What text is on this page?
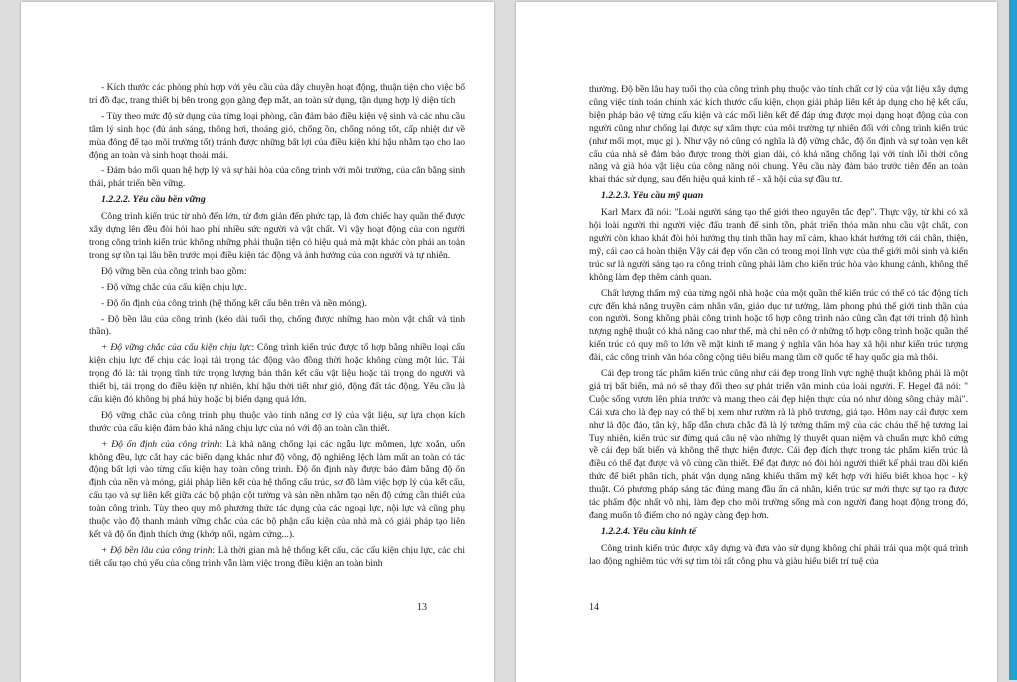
- Kích thước các phòng phù hợp với yêu cầu của dây chuyền hoạt động, thuận tiện cho việc bố trí đồ đạc, trang thiết bị bên trong gọn gàng đẹp mắt, an toàn sử dụng, tận dụng hợp lý diện tích

- Tùy theo mức độ sử dụng của từng loại phòng, cần đảm bảo điều kiện vệ sinh và các nhu cầu tâm lý sinh học (đủ ánh sáng, thông hơi, thoáng gió, chống ồn, chống nóng tốt, cấp nhiệt dư về mùa đông để tạo môi trường tốt) tránh được những bất lợi của điều kiện khí hậu nhằm tạo cho lao động an toàn và sinh hoạt thoải mái.

- Đảm bảo mối quan hệ hợp lý và sự hài hòa của công trình với môi trường, của cân bằng sinh thái, phát triển bền vững.

1.2.2.2. Yêu cầu bền vững

Công trình kiến trúc từ nhỏ đến lớn, từ đơn giản đến phức tạp, là đơn chiếc hay quần thể được xây dựng lên đều đòi hỏi hao phí nhiều sức người và vật chất. Vì vậy hoạt động của con người trong công trình kiến trúc không những phải thuận tiện có hiệu quả mà mặt khác còn phải an toàn trong sự tồn tại lâu bền trước mọi điều kiện tác động và ảnh hưởng của con người và tự nhiên.

Độ vững bền của công trình bao gồm:

- Độ vững chắc của cấu kiện chịu lực.

- Độ ổn định của công trình (hệ thống kết cấu bên trên và nền móng).

- Độ bền lâu của công trình (kéo dài tuổi thọ, chống được những hao mòn vật chất và tinh thần).

+ Độ vững chắc của cấu kiện chịu lực: Công trình kiến trúc được tổ hợp bằng nhiều loại cấu kiện chịu lực để chịu các loại tải trọng tác động vào đồng thời hoặc không cùng một lúc. Tải trọng đó là: tải trọng tĩnh tức trọng lượng bản thân kết cấu vật liệu hoặc tải trọng do người và thiết bị, tải trọng do điều kiện tự nhiên, khí hậu thời tiết như gió, động đất tác động. Yêu cầu là cấu kiện đó không bị phá hủy hoặc bị biến dạng quá lớn.

Độ vững chắc của công trình phụ thuộc vào tính năng cơ lý của vật liệu, sự lựa chọn kích thước của cấu kiện đảm bảo khả năng chịu lực của nó với độ an toàn cần thiết.

+ Độ ổn định của công trình: Là khả năng chống lại các ngẫu lực mômen, lực xoắn, uốn không đều, lực cắt hay các biến dạng khác như độ võng, độ nghiêng lệch làm mất an toàn có tác động bất lợi vào từng cấu kiện hay toàn công trình. Độ ổn định này được bảo đảm bằng độ ổn định của nền và móng, giải pháp liên kết của hệ thống cấu trúc, sơ đồ làm việc hợp lý của kết cấu, cấu tạo và sự liên kết giữa các bộ phận cột tường và sàn nền nhằm tạo nên độ cứng cần thiết của toàn công trình. Tùy theo quy mô phương thức tác dụng của các ngoại lực, nội lực và cũng phụ thuộc vào độ thanh mảnh vững chắc của các bộ phận cấu kiện của nhà mà có giải pháp tạo liên kết và độ ổn định thích ứng (khớp nối, ngàm cứng...).

+ Độ bền lâu của công trình: Là thời gian mà hệ thống kết cấu, các cấu kiện chịu lực, các chi tiết cấu tạo chủ yếu của công trình vẫn làm việc trong điều kiện an toàn bình

13

thường. Độ bền lâu hay tuổi thọ của công trình phụ thuộc vào tính chất cơ lý của vật liệu xây dựng cũng việc tính toán chính xác kích thước cấu kiện, chọn giải pháp liên kết áp dụng cho hệ kết cấu, biện pháp bảo vệ từng cấu kiện và các mối liên kết để đáp ứng được mọi dạng hoạt động của con người cũng như chống lại được sự xâm thực của môi trường tự nhiên đối với công trình kiến trúc (như mối mọt, mục gỉ ). Như vậy nó cũng có nghĩa là độ vững chắc, độ ổn định và sự toàn vẹn kết cấu của nhà sẽ đảm bảo được trong thời gian dài, có khả năng chống lại với tính lỗi thời công năng và già hóa vật liệu của công năng nói chung. Yêu cầu này đảm bảo trước tiên đến an toàn khai thác sử dụng, sau đến hiệu quả kinh tế - xã hội của sự đầu tư.

1.2.2.3. Yêu cầu mỹ quan

Karl Marx đã nói: "Loài người sáng tạo thế giới theo nguyên tắc đẹp". Thực vậy, từ khi có xã hội loài người thì người việc đấu tranh để sinh tồn, phát triển thỏa mãn nhu cầu vật chất, con người còn khao khát đòi hỏi hướng thụ tinh thần hay mĩ cảm, khao khát hướng tới cái chân, thiện, mỹ, cái cao cả hoàn thiện Vậy cái đẹp vốn cần có trong mọi lĩnh vực của thế giới môi sinh và kiến trúc sư là người sáng tạo ra công trình cũng phải làm cho kiến trúc hòa vào khung cảnh, không thể không làm đẹp thêm cảnh quan.

Chất lượng thẩm mỹ của từng ngôi nhà hoặc của một quần thể kiến trúc có thể có tác động tích cực đến khả năng truyền cảm nhân văn, giáo dục tư tưởng, làm phong phú thế giới tinh thần của con người. Song không phải công trình hoặc tổ hợp công trình nào cũng cần đạt tới trình độ hình tượng nghệ thuật có khả năng cao như thế, mà chỉ nên có ở những tổ hợp công trình hoặc quần thể kiến trúc có quy mô to lớn về mặt kinh tế mang ý nghĩa văn hóa hay xã hội như kiến trúc tượng đài, các công trình văn hóa công cộng tiêu biểu mang tầm cỡ quốc tế hay quốc gia mà thôi.

Cái đẹp trong tác phẩm kiến trúc cũng như cái đẹp trong lĩnh vực nghệ thuật không phải là một giá trị bất biến, mà nó sẽ thay đổi theo sự phát triển văn minh của loài người. F. Hegel đã nói: " Cuộc sống vươn lên phía trước và mang theo cái đẹp hiện thực của nó như dòng sông chảy mãi". Cái xưa cho là đẹp nay có thể bị xem như rườm rà là phô trương, giả tạo. Hôm nay cái được xem như là độc đáo, tân kỳ, hấp dẫn chưa chắc đã là lý tưởng thẩm mỹ của các cháu thế hệ tương lai Tuy nhiên, kiến trúc sư đừng quá câu nệ vào những lý thuyết quan niệm và chuẩn mực khô cứng về cái đẹp bất biến và không thể thực hiện được. Cái đẹp đích thực trong tác phẩm kiến trúc là điều có thể đạt được và vô cùng cần thiết. Để đạt được nó đòi hỏi người thiết kế phải trau dồi kiến thức để biết phân tích, phát vận dụng năng khiếu thẩm mỹ kết hợp với hiểu biết khoa học - kỹ thuật. Có phương pháp sáng tác đúng mang đầu ấn cá nhân, kiến trúc sư mới thực sự tạo ra được tác phẩm độc nhất vô nhị, làm đẹp cho môi trường sống mà con người đang hoạt động trong đó, đang muốn tô điểm cho nó ngày càng đẹp hơn.

1.2.2.4. Yêu cầu kinh tế

Công trình kiến trúc được xây dựng và đưa vào sử dụng không chỉ phải trải qua một quá trình lao động nghiêm túc với sự tìm tòi rất công phu và giàu hiểu biết trí tuệ của

14
